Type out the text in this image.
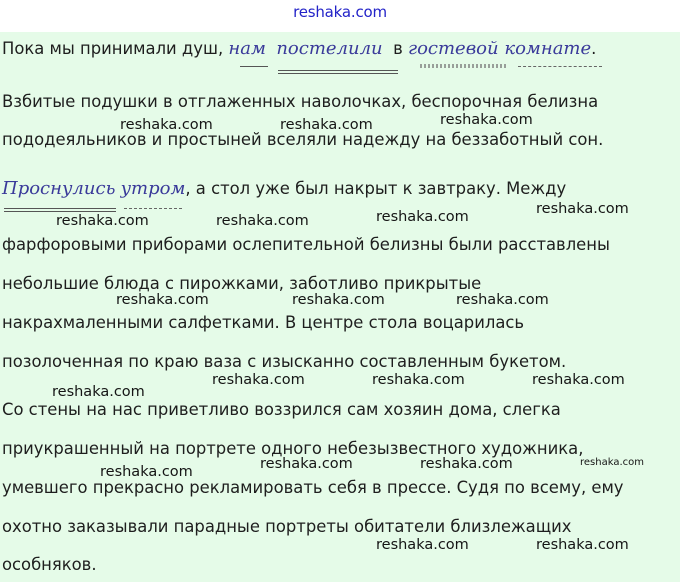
reshaka.com
Пока мы принимали душ, нам постелили в гостевой комнате.
Взбитые подушки в отглаженных наволочках, беспорочная белизна
пододеяльников и простыней вселяли надежду на беззаботный сон.
Проснулись утром, а стол уже был накрыт к завтраку. Между
фарфоровыми приборами ослепительной белизны были расставлены
небольшие блюда с пирожками, заботливо прикрытые
накрахмаленными салфетками. В центре стола воцарилась
позолоченная по краю ваза с изысканно составленным букетом.
Со стены на нас приветливо воззрился сам хозяин дома, слегка
приукрашенный на портрете одного небезызвестного художника,
умевшего прекрасно рекламировать себя в прессе. Судя по всему, ему
охотно заказывали парадные портреты обитатели близлежащих
особняков.
reshaka.com	reshaka.com	reshaka.com
reshaka.com	reshaka.com	reshaka.com	reshaka.com
reshaka.com	reshaka.com	reshaka.com
reshaka.com
reshaka.com	reshaka.com	reshaka.com
reshaka.com	reshaka.com	reshaka.com	reshaka.com
reshaka.com	reshaka.com
